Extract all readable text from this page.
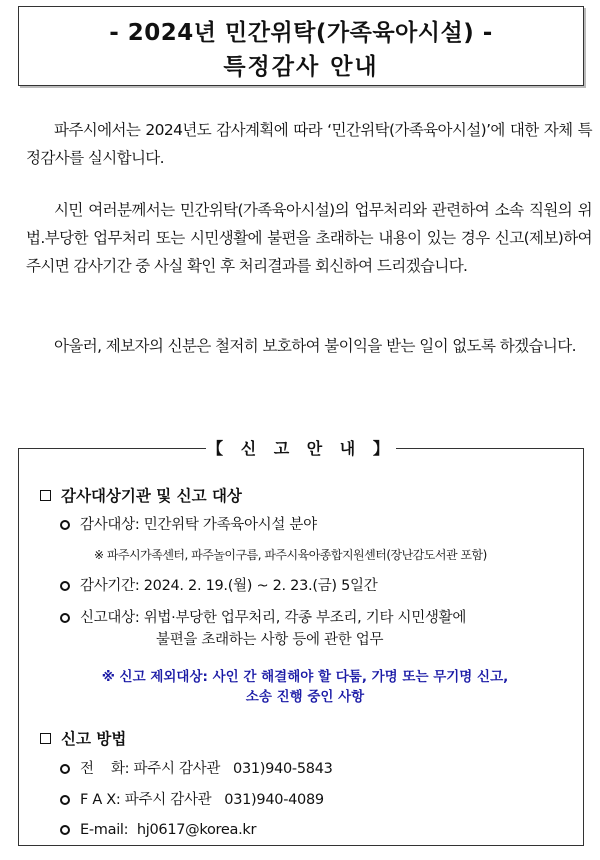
- 2024년 민간위탁(가족육아시설) -
특정감사 안내
파주시에서는 2024년도 감사계획에 따라 ‘민간위탁(가족육아시설)’에 대한 자체 특정감사를 실시합니다.
시민 여러분께서는 민간위탁(가족육아시설)의 업무처리와 관련하여 소속 직원의 위법.부당한 업무처리 또는 시민생활에 불편을 초래하는 내용이 있는 경우 신고(제보)하여 주시면 감사기간 중 사실 확인 후 처리결과를 회신하여 드리겠습니다.
아울러, 제보자의 신분은 철저히 보호하여 불이익을 받는 일이 없도록 하겠습니다.
【 신 고 안 내 】
감사대상기관 및 신고 대상
감사대상: 민간위탁 가족육아시설 분야
※ 파주시가족센터, 파주놀이구름, 파주시육아종합지원센터(장난감도서관 포함)
감사기간: 2024. 2. 19.(월) ~ 2. 23.(금) 5일간
신고대상: 위법·부당한 업무처리, 각종 부조리, 기타 시민생활에
불편을 초래하는 사항 등에 관한 업무
※ 신고 제외대상: 사인 간 해결해야 할 다툼, 가명 또는 무기명 신고,
소송 진행 중인 사항
신고 방법
전    화: 파주시 감사관   031)940-5843
F A X: 파주시 감사관   031)940-4089
E-mail:  hj0617@korea.kr
